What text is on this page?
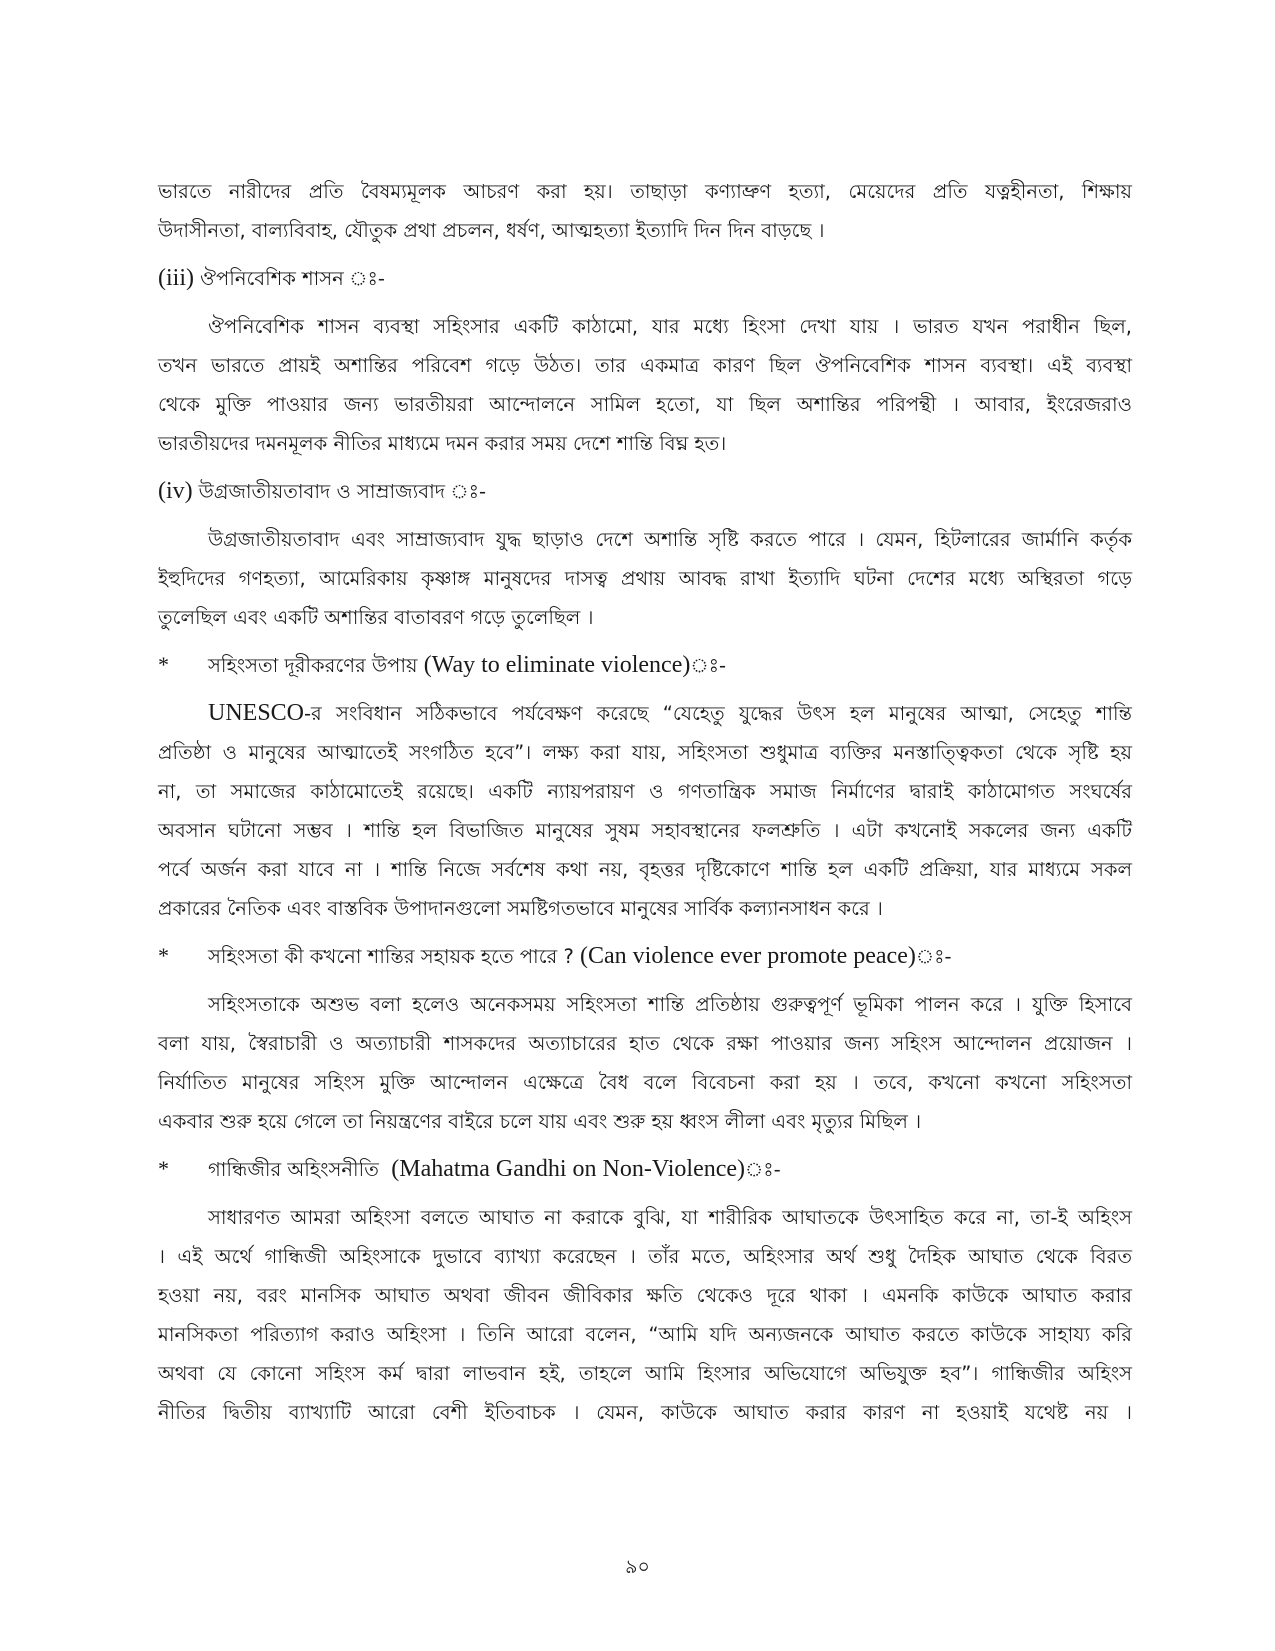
ভারতে নারীদের প্রতি বৈষম্যমূলক আচরণ করা হয়। তাছাড়া কণ্যাভ্রুণ হত্যা, মেয়েদের প্রতি যত্নহীনতা, শিক্ষায়
উদাসীনতা, বাল্যবিবাহ, যৌতুক প্রথা প্রচলন, ধর্ষণ, আত্মহত্যা ইত্যাদি দিন দিন বাড়ছে ।

(iii) ঔপনিবেশিক শাসন ঃ-

ঔপনিবেশিক শাসন ব্যবস্থা সহিংসার একটি কাঠামো, যার মধ্যে হিংসা দেখা যায় । ভারত যখন পরাধীন ছিল,
তখন ভারতে প্রায়ই অশান্তির পরিবেশ গড়ে উঠত। তার একমাত্র কারণ ছিল ঔপনিবেশিক শাসন ব্যবস্থা। এই ব্যবস্থা
থেকে মুক্তি পাওয়ার জন্য ভারতীয়রা আন্দোলনে সামিল হতো, যা ছিল অশান্তির পরিপন্থী । আবার, ইংরেজরাও
ভারতীয়দের দমনমূলক নীতির মাধ্যমে দমন করার সময় দেশে শান্তি বিঘ্ন হত।

(iv) উগ্রজাতীয়তাবাদ ও সাম্রাজ্যবাদ ঃ-

উগ্রজাতীয়তাবাদ এবং সাম্রাজ্যবাদ যুদ্ধ ছাড়াও দেশে অশান্তি সৃষ্টি করতে পারে । যেমন, হিটলারের জার্মানি কর্তৃক
ইহুদিদের গণহত্যা, আমেরিকায় কৃষ্ণাঙ্গ মানুষদের দাসত্ব প্রথায় আবদ্ধ রাখা ইত্যাদি ঘটনা দেশের মধ্যে অস্থিরতা গড়ে
তুলেছিল এবং একটি অশান্তির বাতাবরণ গড়ে তুলেছিল ।

*	সহিংসতা দূরীকরণের উপায়
(Way to eliminate violence) ঃ-

UNESCO-র সংবিধান সঠিকভাবে পর্যবেক্ষণ করেছে “যেহেতু যুদ্ধের উৎস হল মানুষের আত্মা, সেহেতু শান্তি
প্রতিষ্ঠা ও মানুষের আত্মাতেই সংগঠিত হবে”। লক্ষ্য করা যায়, সহিংসতা শুধুমাত্র ব্যক্তির মনস্তাত্ত্বিকতা থেকে সৃষ্টি হয়
না, তা সমাজের কাঠামোতেই রয়েছে। একটি ন্যায়পরায়ণ ও গণতান্ত্রিক সমাজ নির্মাণের দ্বারাই কাঠামোগত সংঘর্ষের
অবসান ঘটানো সম্ভব । শান্তি হল বিভাজিত মানুষের সুষম সহাবস্থানের ফলশ্রুতি । এটা কখনোই সকলের জন্য একটি
পর্বে অর্জন করা যাবে না । শান্তি নিজে সর্বশেষ কথা নয়, বৃহত্তর দৃষ্টিকোণে শান্তি হল একটি প্রক্রিয়া, যার মাধ্যমে সকল
প্রকারের নৈতিক এবং বাস্তবিক উপাদানগুলো সমষ্টিগতভাবে মানুষের সার্বিক কল্যানসাধন করে ।

*	সহিংসতা কী কখনো শান্তির সহায়ক হতে পারে ?
(Can violence ever promote peace) ঃ-

সহিংসতাকে অশুভ বলা হলেও অনেকসময় সহিংসতা শান্তি প্রতিষ্ঠায় গুরুত্বপূর্ণ ভূমিকা পালন করে । যুক্তি হিসাবে
বলা যায়, স্বৈরাচারী ও অত্যাচারী শাসকদের অত্যাচারের হাত থেকে রক্ষা পাওয়ার জন্য সহিংস আন্দোলন প্রয়োজন ।
নির্যাতিত মানুষের সহিংস মুক্তি আন্দোলন এক্ষেত্রে বৈধ বলে বিবেচনা করা হয় । তবে, কখনো কখনো সহিংসতা
একবার শুরু হয়ে গেলে তা নিয়ন্ত্রণের বাইরে চলে যায় এবং শুরু হয় ধ্বংস লীলা এবং মৃত্যুর মিছিল ।

*	গান্ধিজীর অহিংসনীতি
(Mahatma Gandhi on Non-Violence) ঃ-

সাধারণত আমরা অহিংসা বলতে আঘাত না করাকে বুঝি, যা শারীরিক আঘাতকে উৎসাহিত করে না, তা-ই অহিংস
। এই অর্থে গান্ধিজী অহিংসাকে দুভাবে ব্যাখ্যা করেছেন । তাঁর মতে, অহিংসার অর্থ শুধু দৈহিক আঘাত থেকে বিরত
হওয়া নয়, বরং মানসিক আঘাত অথবা জীবন জীবিকার ক্ষতি থেকেও দূরে থাকা । এমনকি কাউকে আঘাত করার
মানসিকতা পরিত্যাগ করাও অহিংসা । তিনি আরো বলেন, “আমি যদি অন্যজনকে আঘাত করতে কাউকে সাহায্য করি
অথবা যে কোনো সহিংস কর্ম দ্বারা লাভবান হই, তাহলে আমি হিংসার অভিযোগে অভিযুক্ত হব”। গান্ধিজীর অহিংস
নীতির দ্বিতীয় ব্যাখ্যাটি আরো বেশী ইতিবাচক । যেমন, কাউকে আঘাত করার কারণ না হওয়াই যথেষ্ট নয় ।

৯০
